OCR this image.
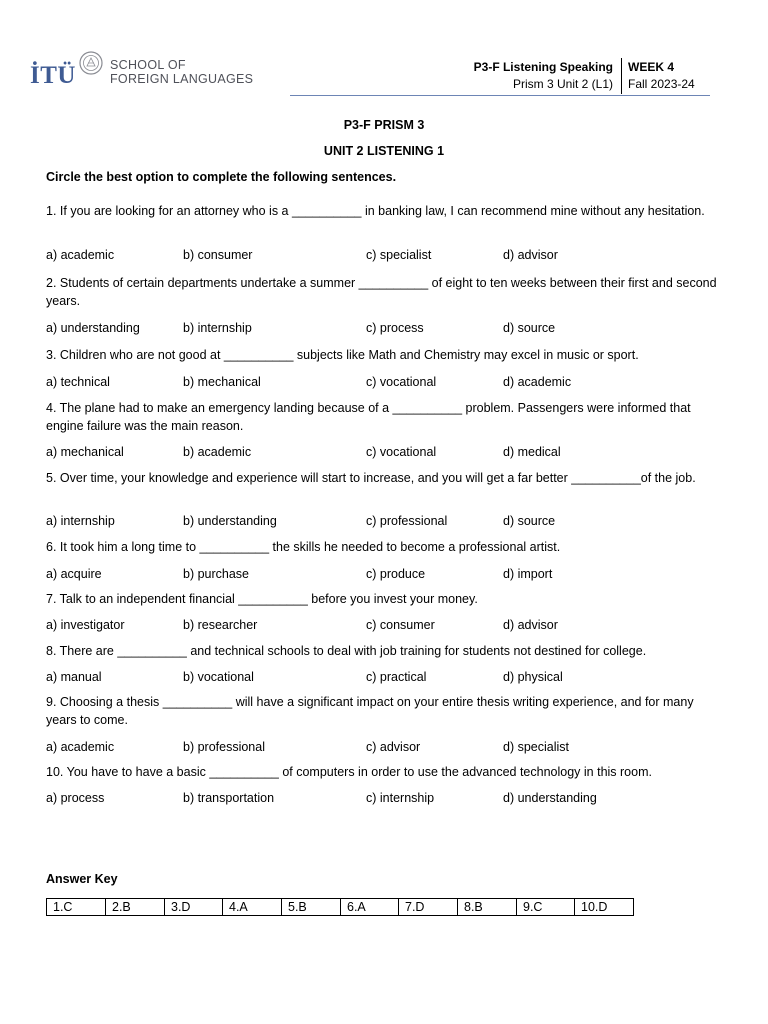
İTÜ	SCHOOL OF
FOREIGN LANGUAGES
P3-F Listening Speaking
Prism 3 Unit 2 (L1)
WEEK 4
Fall 2023-24
P3-F PRISM 3
UNIT 2 LISTENING 1
Circle the best option to complete the following sentences.
1. If you are looking for an attorney who is a __________ in banking law, I can recommend mine without any hesitation.
a) academic	b) consumer	c) specialist	d) advisor
2. Students of certain departments undertake a summer __________ of eight to ten weeks between their first and second years.
a) understanding	b) internship	c) process	d) source
3. Children who are not good at __________ subjects like Math and Chemistry may excel in music or sport.
a) technical	b) mechanical	c) vocational	d) academic
4. The plane had to make an emergency landing because of a __________ problem. Passengers were informed that engine failure was the main reason.
a) mechanical	b) academic	c) vocational	d) medical
5. Over time, your knowledge and experience will start to increase, and you will get a far better __________of the job.
a) internship	b) understanding	c) professional	d) source
6. It took him a long time to __________ the skills he needed to become a professional artist.
a) acquire	b) purchase	c) produce	d) import
7. Talk to an independent financial __________ before you invest your money.
a) investigator	b) researcher	c) consumer	d) advisor
8. There are __________ and technical schools to deal with job training for students not destined for college.
a) manual	b) vocational	c) practical	d) physical
9. Choosing a thesis __________ will have a significant impact on your entire thesis writing experience, and for many years to come.
a) academic	b) professional	c) advisor	d) specialist
10. You have to have a basic __________ of computers in order to use the advanced technology in this room.
a) process	b) transportation	c) internship	d) understanding
Answer Key
1.C	2.B	3.D	4.A	5.B	6.A	7.D	8.B	9.C	10.D
